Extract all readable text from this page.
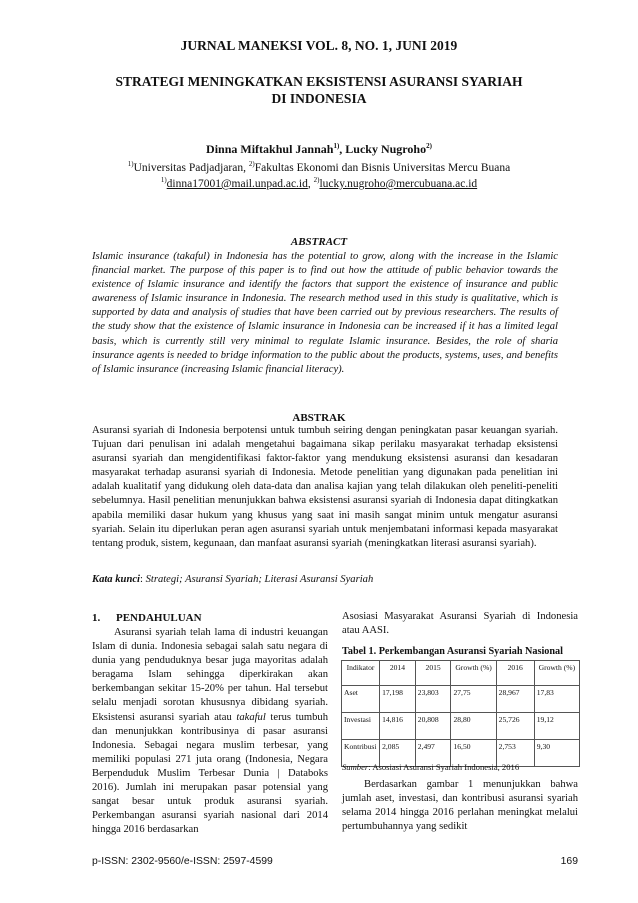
JURNAL MANEKSI VOL. 8, NO. 1, JUNI 2019
STRATEGI MENINGKATKAN EKSISTENSI ASURANSI SYARIAH
DI INDONESIA
Dinna Miftakhul Jannah$^{1)}$, Lucky Nugroho$^{2)}$
$^{1)}$Universitas Padjadjaran, $^{2)}$Fakultas Ekonomi dan Bisnis Universitas Mercu Buana
$^{1)}$dinna17001@mail.unpad.ac.id, $^{2)}$lucky.nugroho@mercubuana.ac.id
ABSTRACT
Islamic insurance (takaful) in Indonesia has the potential to grow, along with the increase in the Islamic financial market. The purpose of this paper is to find out how the attitude of public behavior towards the existence of Islamic insurance and identify the factors that support the existence of insurance and public awareness of Islamic insurance in Indonesia. The research method used in this study is qualitative, which is supported by data and analysis of studies that have been carried out by previous researchers. The results of the study show that the existence of Islamic insurance in Indonesia can be increased if it has a limited legal basis, which is currently still very minimal to regulate Islamic insurance. Besides, the role of sharia insurance agents is needed to bridge information to the public about the products, systems, uses, and benefits of Islamic insurance (increasing Islamic financial literacy).
ABSTRAK
Asuransi syariah di Indonesia berpotensi untuk tumbuh seiring dengan peningkatan pasar keuangan syariah. Tujuan dari penulisan ini adalah mengetahui bagaimana sikap perilaku masyarakat terhadap eksistensi asuransi syariah dan mengidentifikasi faktor-faktor yang mendukung eksistensi asuransi dan kesadaran masyarakat terhadap asuransi syariah di Indonesia. Metode penelitian yang digunakan pada penelitian ini adalah kualitatif yang didukung oleh data-data dan analisa kajian yang telah dilakukan oleh peneliti-peneliti sebelumnya. Hasil penelitian menunjukkan bahwa eksistensi asuransi syariah di Indonesia dapat ditingkatkan apabila memiliki dasar hukum yang khusus yang saat ini masih sangat minim untuk mengatur asuransi syariah. Selain itu diperlukan peran agen asuransi syariah untuk menjembatani informasi kepada masyarakat tentang produk, sistem, kegunaan, dan manfaat asuransi syariah (meningkatkan literasi asuransi syariah).
Kata kunci: Strategi; Asuransi Syariah; Literasi Asuransi Syariah
1. PENDAHULUAN
Asuransi syariah telah lama di industri keuangan Islam di dunia. Indonesia sebagai salah satu negara di dunia yang penduduknya besar juga mayoritas adalah beragama Islam sehingga diperkirakan akan berkembangan sekitar 15-20% per tahun. Hal tersebut selalu menjadi sorotan khususnya dibidang syariah. Eksistensi asuransi syariah atau takaful terus tumbuh dan menunjukkan kontribusinya di pasar asuransi Indonesia. Sebagai negara muslim terbesar, yang memiliki populasi 271 juta orang (Indonesia, Negara Berpenduduk Muslim Terbesar Dunia | Databoks 2016). Jumlah ini merupakan pasar potensial yang sangat besar untuk produk asuransi syariah. Perkembangan asuransi syariah nasional dari 2014 hingga 2016 berdasarkan
Asosiasi Masyarakat Asuransi Syariah di Indonesia atau AASI.
Tabel 1. Perkembangan Asuransi Syariah Nasional
Indikator	2014	2015	Growth (%)	2016	Growth (%)
Aset	17,198	23,803	27,75	28,967	17,83
Investasi	14,816	20,808	28,80	25,726	19,12
Kontribusi	2,085	2,497	16,50	2,753	9,30
Sumber: Asosiasi Asuransi Syariah Indonesia, 2016
Berdasarkan gambar 1 menunjukkan bahwa jumlah aset, investasi, dan kontribusi asuransi syariah selama 2014 hingga 2016 perlahan meningkat melalui pertumbuhannya yang sedikit
p-ISSN: 2302-9560/e-ISSN: 2597-4599	169
